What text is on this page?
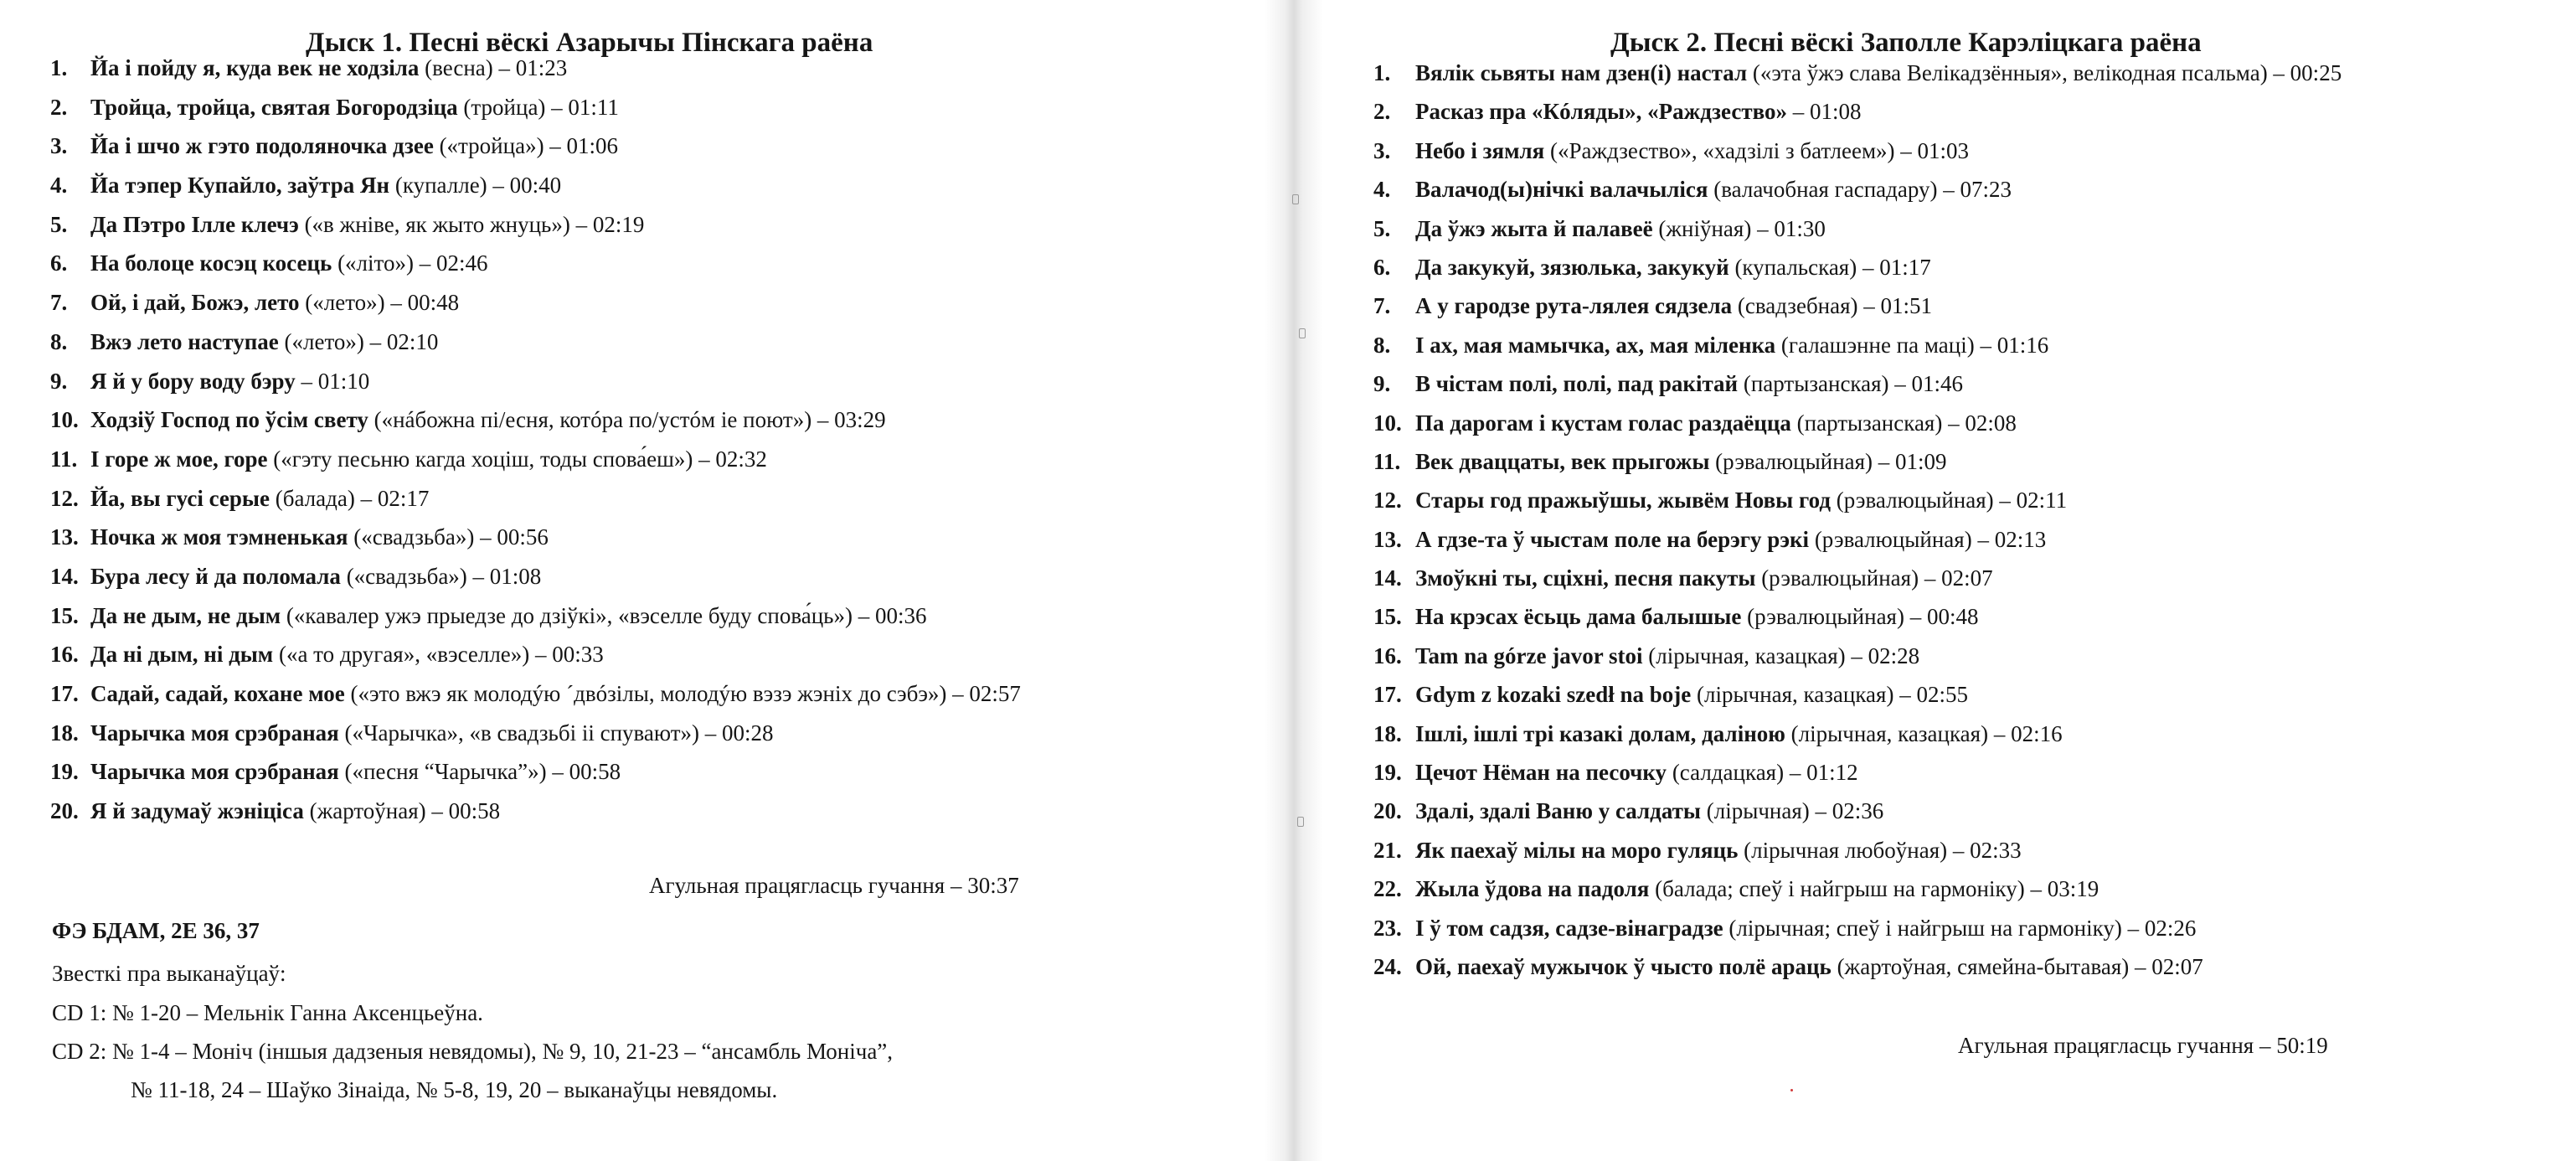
Дыск 1. Песні вёскі Азарычы Пінскага раёна
1. Йа і пойду я, куда век не ходзіла (весна) – 01:23
2. Тройца, тройца, святая Богородзіца (тройца) – 01:11
3. Йа і шчо ж гэто подоляночка дзее («тройца») – 01:06
4. Йа тэпер Купайло, заўтра Ян (купалле) – 00:40
5. Да Пэтро Ілле клечэ («в жніве, як жыто жнуць») – 02:19
6. На болоце косэц косець («літо») – 02:46
7. Ой, і дай, Божэ, лето («лето») – 00:48
8. Вжэ лето наступае («лето») – 02:10
9. Я й у бору воду бэру – 01:10
10. Ходзіў Господ по ўсім свету («нáбожна пі/есня, котóра по/устóм іе поют») – 03:29
11. І горе ж мое, горе («гэту песьню кагда хоціш, тоды спова́еш») – 02:32
12. Йа, вы гусі серые (балада) – 02:17
13. Ночка ж моя тэмненькая («свадзьба») – 00:56
14. Бура лесу й да поломала («свадзьба») – 01:08
15. Да не дым, не дым («кавалер ужэ прыедзе до дзіўкі», «вэселле буду спова́ць») – 00:36
16. Да ні дым, ні дым («а то другая», «вэселле») – 00:33
17. Садай, садай, кохане мое («это вжэ як молодýю ´двóзілы, молодýю вэзэ жэніх до сэбэ») – 02:57
18. Чарычка моя срэбраная («Чарычка», «в свадзьбі іі спувают») – 00:28
19. Чарычка моя срэбраная («песня “Чарычка”») – 00:58
20. Я й задумаў жэніціса (жартоўная) – 00:58
Агульная працягласць гучання – 30:37
ФЭ БДАМ, 2Е 36, 37
Звесткі пра выканаўцаў:
CD 1: № 1-20 – Мельнік Ганна Аксенцьеўна.
CD 2: № 1-4 – Моніч (іншыя дадзеныя невядомы), № 9, 10, 21-23 – “ансамбль Моніча”,
№ 11-18, 24 – Шаўко Зінаіда, № 5-8, 19, 20 – выканаўцы невядомы.
Дыск 2. Песні вёскі Заполле Карэліцкага раёна
1. Вялік сьвяты нам дзен(і) настал («эта ўжэ слава Велікадзённыя», велікодная псальма) – 00:25
2. Расказ пра «Кóляды», «Раждзество» – 01:08
3. Небо і зямля («Раждзество», «хадзілі з батлеем») – 01:03
4. Валачод(ы)нічкі валачыліся (валачобная гаспадару) – 07:23
5. Да ўжэ жыта й палавеё (жніўная) – 01:30
6. Да закукуй, зязюлька, закукуй (купальская) – 01:17
7. А у гародзе рута-лялея сядзела (свадзебная) – 01:51
8. І ах, мая мамычка, ах, мая міленка (галашэнне па маці) – 01:16
9. В чістам полі, полі, пад ракітай (партызанская) – 01:46
10. Па дарогам і кустам голас раздаёцца (партызанская) – 02:08
11. Век дваццаты, век прыгожы (рэвалюцыйная) – 01:09
12. Стары год пражыўшы, жывём Новы год (рэвалюцыйная) – 02:11
13. А гдзе-та ў чыстам поле на берэгу рэкі (рэвалюцыйная) – 02:13
14. Змоўкні ты, сціхні, песня пакуты (рэвалюцыйная) – 02:07
15. На крэсах ёсьць дама балышые (рэвалюцыйная) – 00:48
16. Tam na górze javor stoi (лірычная, казацкая) – 02:28
17. Gdym z kozaki szedł na boje (лірычная, казацкая) – 02:55
18. Ішлі, ішлі трі казакі долам, даліною (лірычная, казацкая) – 02:16
19. Цечот Нёман на песочку (салдацкая) – 01:12
20. Здалі, здалі Ваню у салдаты (лірычная) – 02:36
21. Як паехаў мілы на моро гуляць (лірычная любоўная) – 02:33
22. Жыла ўдова на падоля (балада; спеў і найгрыш на гармоніку) – 03:19
23. І ў том садзя, садзе-вінаградзе (лірычная; спеў і найгрыш на гармоніку) – 02:26
24. Ой, паехаў мужычок ў чысто полё араць (жартоўная, сямейна-бытавая) – 02:07
Агульная працягласць гучання – 50:19
